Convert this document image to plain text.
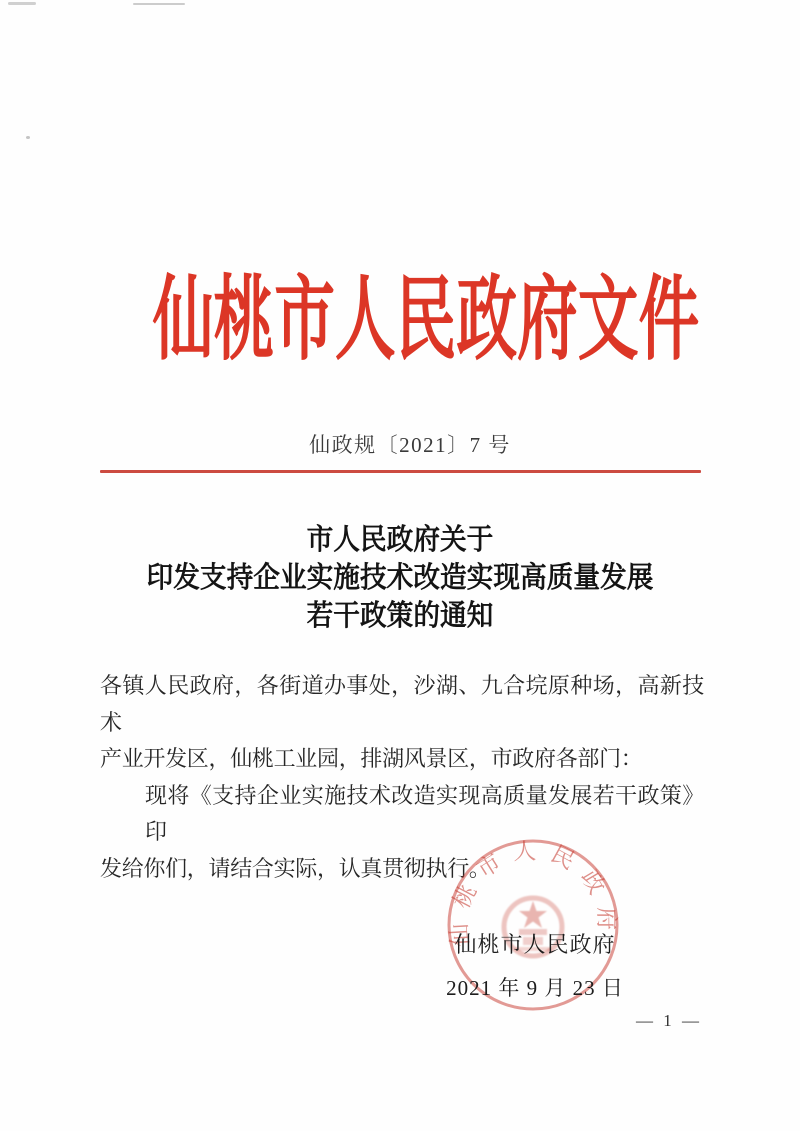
仙桃市人民政府文件
仙政规〔2021〕7 号
市人民政府关于
印发支持企业实施技术改造实现高质量发展
若干政策的通知
各镇人民政府，各街道办事处，沙湖、九合垸原种场，高新技术
产业开发区，仙桃工业园，排湖风景区，市政府各部门：
现将《支持企业实施技术改造实现高质量发展若干政策》印
发给你们，请结合实际，认真贯彻执行。
仙桃市人民政府
仙桃市人民政府
2021 年 9 月 23 日
— 1 —
